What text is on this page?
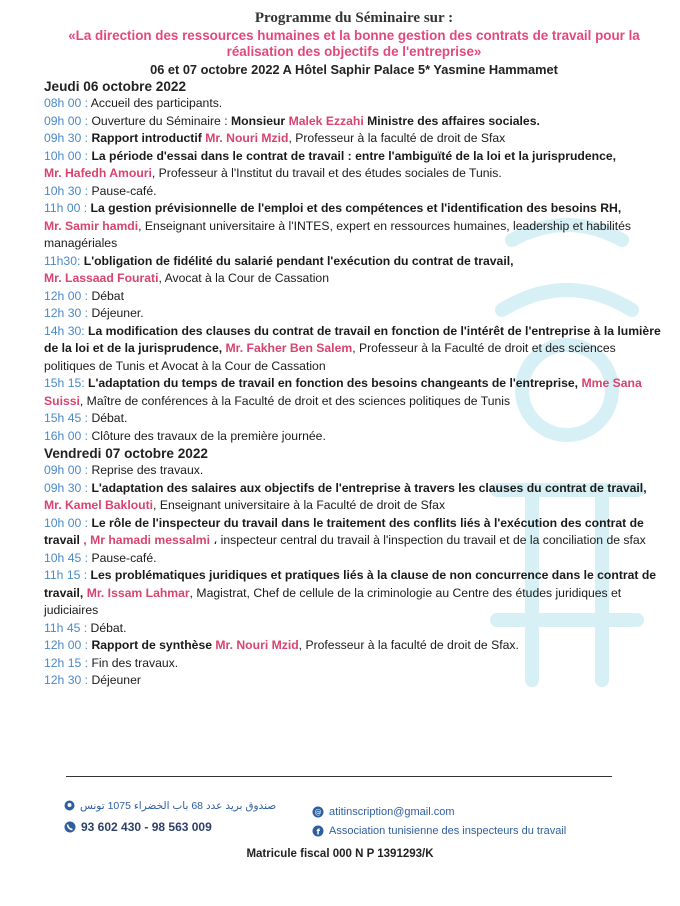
Programme du Séminaire sur :

«La direction des ressources humaines et la bonne gestion des contrats de travail pour la

réalisation des objectifs de l'entreprise»

06 et 07 octobre 2022 A Hôtel Saphir Palace 5* Yasmine Hammamet

Jeudi 06 octobre 2022

08h 00 : Accueil des participants.
09h 00 : Ouverture du Séminaire : Monsieur Malek Ezzahi Ministre des affaires sociales.
09h 30 : Rapport introductif Mr. Nouri Mzid, Professeur à la faculté de droit de Sfax
10h 00 : La période d'essai dans le contrat de travail : entre l'ambiguïté de la loi et la jurisprudence,
Mr. Hafedh Amouri, Professeur à l'Institut du travail et des études sociales de Tunis.
10h 30 : Pause-café.
11h 00 : La gestion prévisionnelle de l'emploi et des compétences et l'identification des besoins RH,
Mr. Samir hamdi, Enseignant universitaire à l'INTES, expert en ressources humaines, leadership et habilités managériales
11h30: L'obligation de fidélité du salarié pendant l'exécution du contrat de travail,
Mr. Lassaad Fourati, Avocat à la Cour de Cassation
12h 00 : Débat
12h 30 : Déjeuner.
14h 30: La modification des clauses du contrat de travail en fonction de l'intérêt de l'entreprise à la lumière de la loi et de la jurisprudence, Mr. Fakher Ben Salem, Professeur à la Faculté de droit et des sciences politiques de Tunis et Avocat à la Cour de Cassation
15h 15: L'adaptation du temps de travail en fonction des besoins changeants de l'entreprise, Mme Sana Suissi, Maître de conférences à la Faculté de droit et des sciences politiques de Tunis
15h 45 : Débat.
16h 00 : Clôture des travaux de la première journée.

Vendredi 07 octobre 2022

09h 00 : Reprise des travaux.
09h 30 : L'adaptation des salaires aux objectifs de l'entreprise à travers les clauses du contrat de travail,
Mr. Kamel Baklouti, Enseignant universitaire à la Faculté de droit de Sfax
10h 00 : Le rôle de l'inspecteur du travail dans le traitement des conflits liés à l'exécution des contrat de travail , Mr hamadi messalmi ، inspecteur central du travail à l'inspection du travail et de la conciliation de sfax
10h 45 : Pause-café.
11h 15 : Les problématiques juridiques et pratiques liés à la clause de non concurrence dans le contrat de travail, Mr. Issam Lahmar, Magistrat, Chef de cellule de la criminologie au Centre des études juridiques et judiciaires
11h 45 : Débat.
12h 00 : Rapport de synthèse Mr. Nouri Mzid, Professeur à la faculté de droit de Sfax.
12h 15 : Fin des travaux.
12h 30 : Déjeuner
صندوق بريد عدد 68 باب الخضراء 1075 تونس
93 602 430 - 98 563 009
@ atitinscription@gmail.com
f Association tunisienne des inspecteurs du travail
Matricule fiscal 000 N P 1391293/K
